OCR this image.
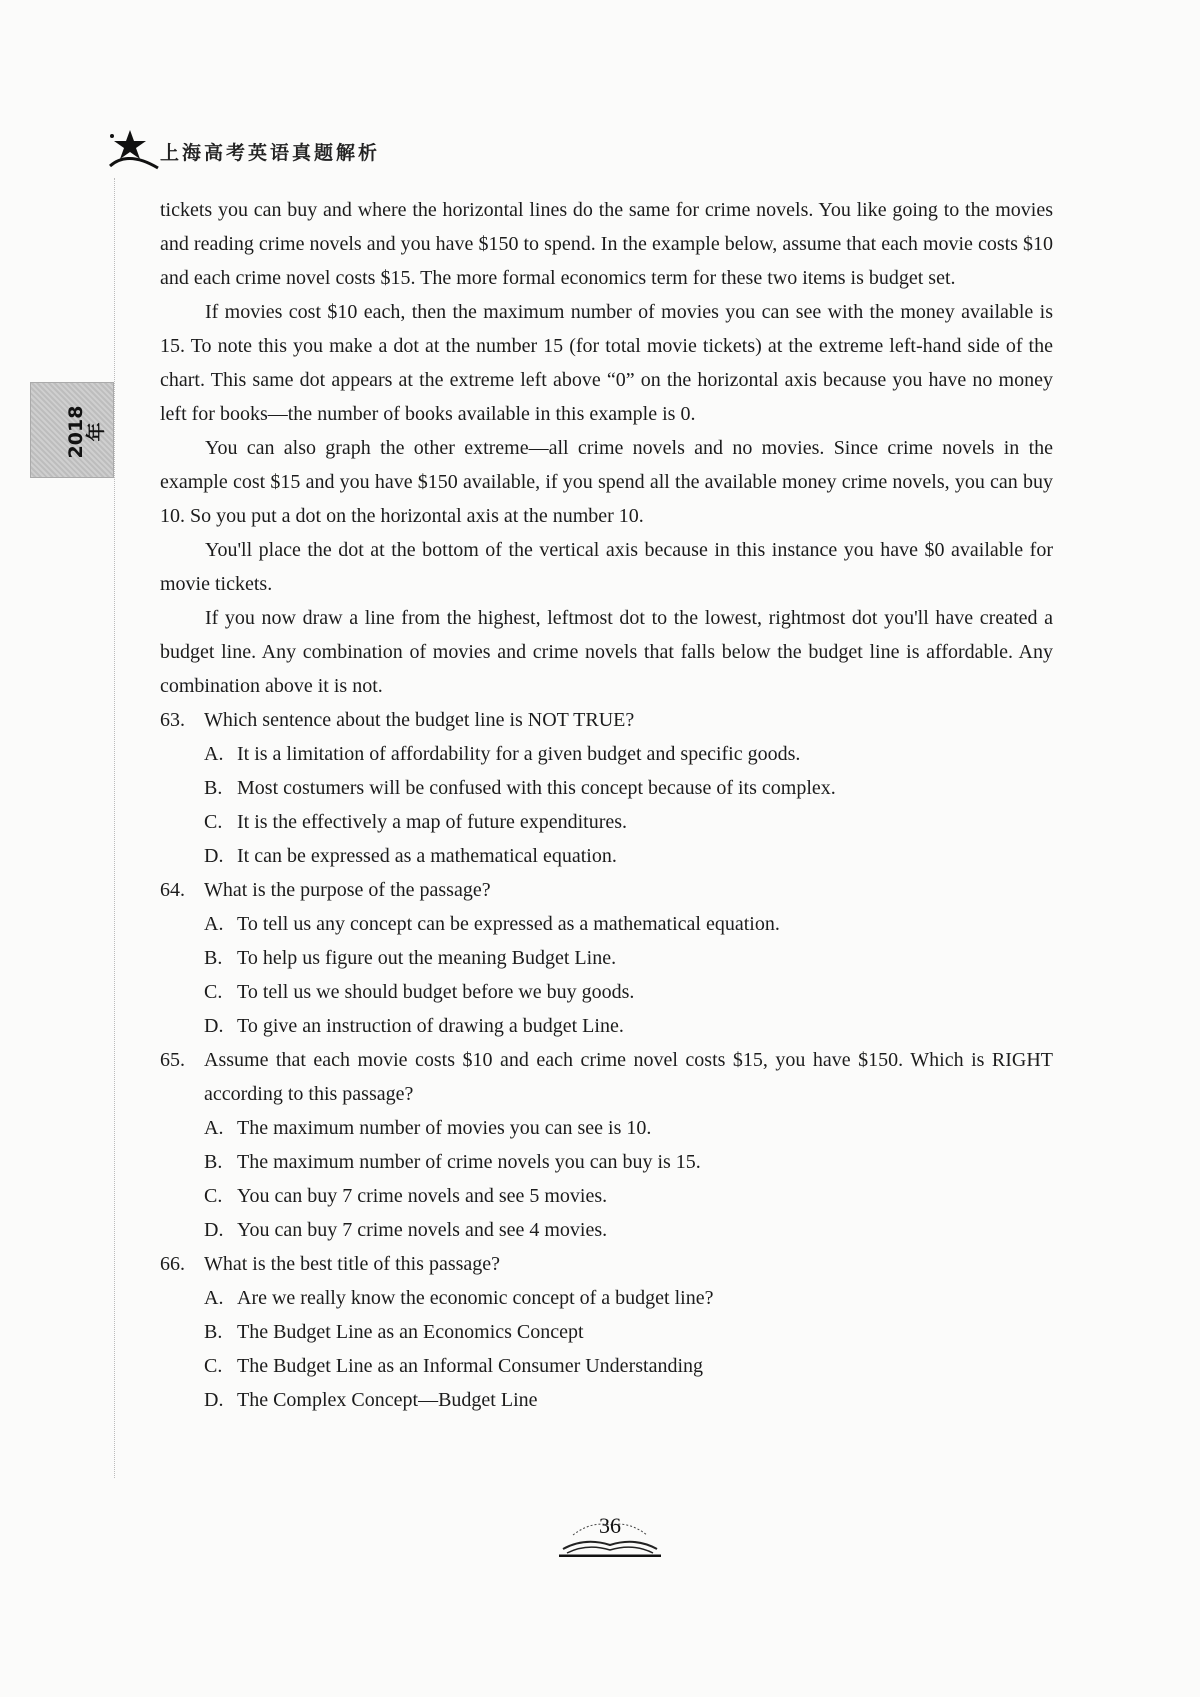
上海高考英语真题解析
2018年

tickets you can buy and where the horizontal lines do the same for crime novels. You like going to the movies and reading crime novels and you have $150 to spend. In the example below, assume that each movie costs $10 and each crime novel costs $15. The more formal economics term for these two items is budget set.

If movies cost $10 each, then the maximum number of movies you can see with the money available is 15. To note this you make a dot at the number 15 (for total movie tickets) at the extreme left-hand side of the chart. This same dot appears at the extreme left above “0” on the horizontal axis because you have no money left for books—the number of books available in this example is 0.

You can also graph the other extreme—all crime novels and no movies. Since crime novels in the example cost $15 and you have $150 available, if you spend all the available money crime novels, you can buy 10. So you put a dot on the horizontal axis at the number 10.

You'll place the dot at the bottom of the vertical axis because in this instance you have $0 available for movie tickets.

If you now draw a line from the highest, leftmost dot to the lowest, rightmost dot you'll have created a budget line. Any combination of movies and crime novels that falls below the budget line is affordable. Any combination above it is not.

63. Which sentence about the budget line is NOT TRUE?
A. It is a limitation of affordability for a given budget and specific goods.
B. Most costumers will be confused with this concept because of its complex.
C. It is the effectively a map of future expenditures.
D. It can be expressed as a mathematical equation.
64. What is the purpose of the passage?
A. To tell us any concept can be expressed as a mathematical equation.
B. To help us figure out the meaning Budget Line.
C. To tell us we should budget before we buy goods.
D. To give an instruction of drawing a budget Line.
65. Assume that each movie costs $10 and each crime novel costs $15, you have $150. Which is RIGHT according to this passage?
A. The maximum number of movies you can see is 10.
B. The maximum number of crime novels you can buy is 15.
C. You can buy 7 crime novels and see 5 movies.
D. You can buy 7 crime novels and see 4 movies.
66. What is the best title of this passage?
A. Are we really know the economic concept of a budget line?
B. The Budget Line as an Economics Concept
C. The Budget Line as an Informal Consumer Understanding
D. The Complex Concept—Budget Line
36
